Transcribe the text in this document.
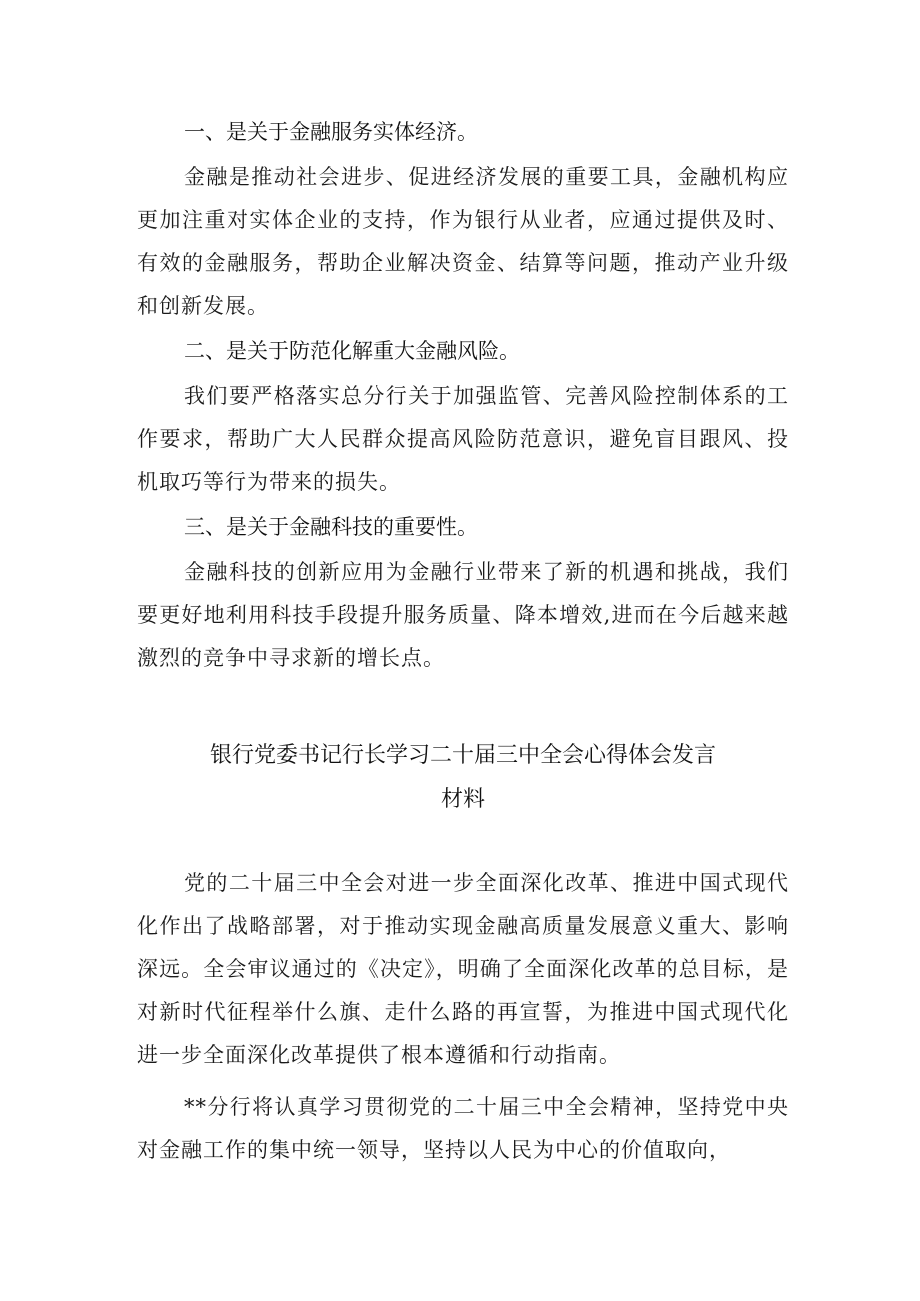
一、是关于金融服务实体经济。
金融是推动社会进步、促进经济发展的重要工具，金融机构应更加注重对实体企业的支持，作为银行从业者，应通过提供及时、有效的金融服务，帮助企业解决资金、结算等问题，推动产业升级和创新发展。
二、是关于防范化解重大金融风险。
我们要严格落实总分行关于加强监管、完善风险控制体系的工作要求，帮助广大人民群众提高风险防范意识，避免盲目跟风、投机取巧等行为带来的损失。
三、是关于金融科技的重要性。
金融科技的创新应用为金融行业带来了新的机遇和挑战，我们要更好地利用科技手段提升服务质量、降本增效,进而在今后越来越激烈的竞争中寻求新的增长点。
银行党委书记行长学习二十届三中全会心得体会发言
材料
党的二十届三中全会对进一步全面深化改革、推进中国式现代化作出了战略部署，对于推动实现金融高质量发展意义重大、影响深远。全会审议通过的《决定》，明确了全面深化改革的总目标，是对新时代征程举什么旗、走什么路的再宣誓，为推进中国式现代化进一步全面深化改革提供了根本遵循和行动指南。
**分行将认真学习贯彻党的二十届三中全会精神，坚持党中央对金融工作的集中统一领导，坚持以人民为中心的价值取向，
